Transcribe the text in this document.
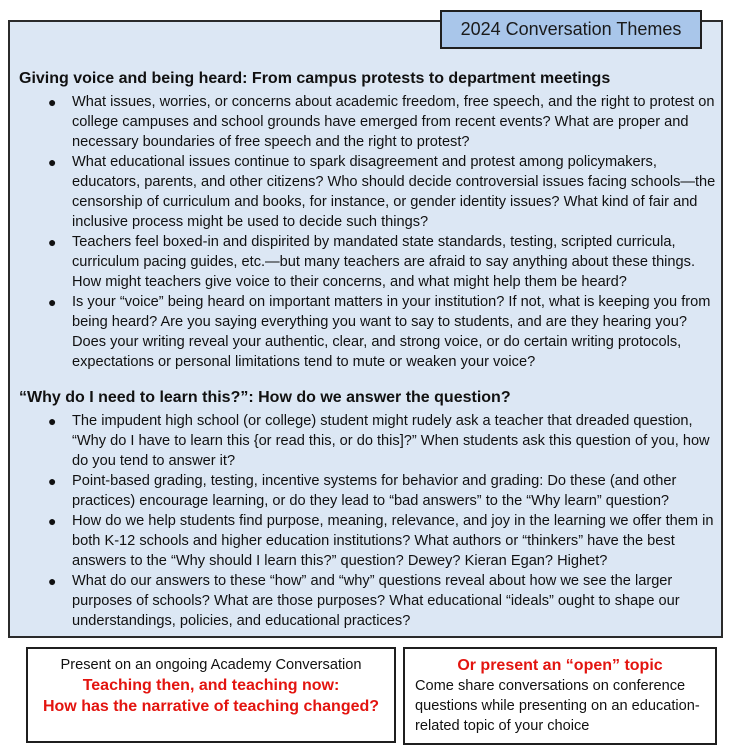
2024 Conversation Themes

Giving voice and being heard: From campus protests to department meetings

● What issues, worries, or concerns about academic freedom, free speech, and the right to protest on college campuses and school grounds have emerged from recent events? What are proper and necessary boundaries of free speech and the right to protest?
● What educational issues continue to spark disagreement and protest among policymakers, educators, parents, and other citizens? Who should decide controversial issues facing schools—the censorship of curriculum and books, for instance, or gender identity issues? What kind of fair and inclusive process might be used to decide such things?
● Teachers feel boxed-in and dispirited by mandated state standards, testing, scripted curricula, curriculum pacing guides, etc.—but many teachers are afraid to say anything about these things. How might teachers give voice to their concerns, and what might help them be heard?
● Is your “voice” being heard on important matters in your institution? If not, what is keeping you from being heard? Are you saying everything you want to say to students, and are they hearing you? Does your writing reveal your authentic, clear, and strong voice, or do certain writing protocols, expectations or personal limitations tend to mute or weaken your voice?

“Why do I need to learn this?”: How do we answer the question?

● The impudent high school (or college) student might rudely ask a teacher that dreaded question, “Why do I have to learn this {or read this, or do this]?” When students ask this question of you, how do you tend to answer it?
● Point-based grading, testing, incentive systems for behavior and grading: Do these (and other practices) encourage learning, or do they lead to “bad answers” to the “Why learn” question?
● How do we help students find purpose, meaning, relevance, and joy in the learning we offer them in both K-12 schools and higher education institutions? What authors or “thinkers” have the best answers to the “Why should I learn this?” question? Dewey? Kieran Egan? Highet?
● What do our answers to these “how” and “why” questions reveal about how we see the larger purposes of schools? What are those purposes? What educational “ideals” ought to shape our understandings, policies, and educational practices?
Present on an ongoing Academy Conversation
Teaching then, and teaching now:
How has the narrative of teaching changed?
Or present an “open” topic
Come share conversations on conference questions while presenting on an education-related topic of your choice
